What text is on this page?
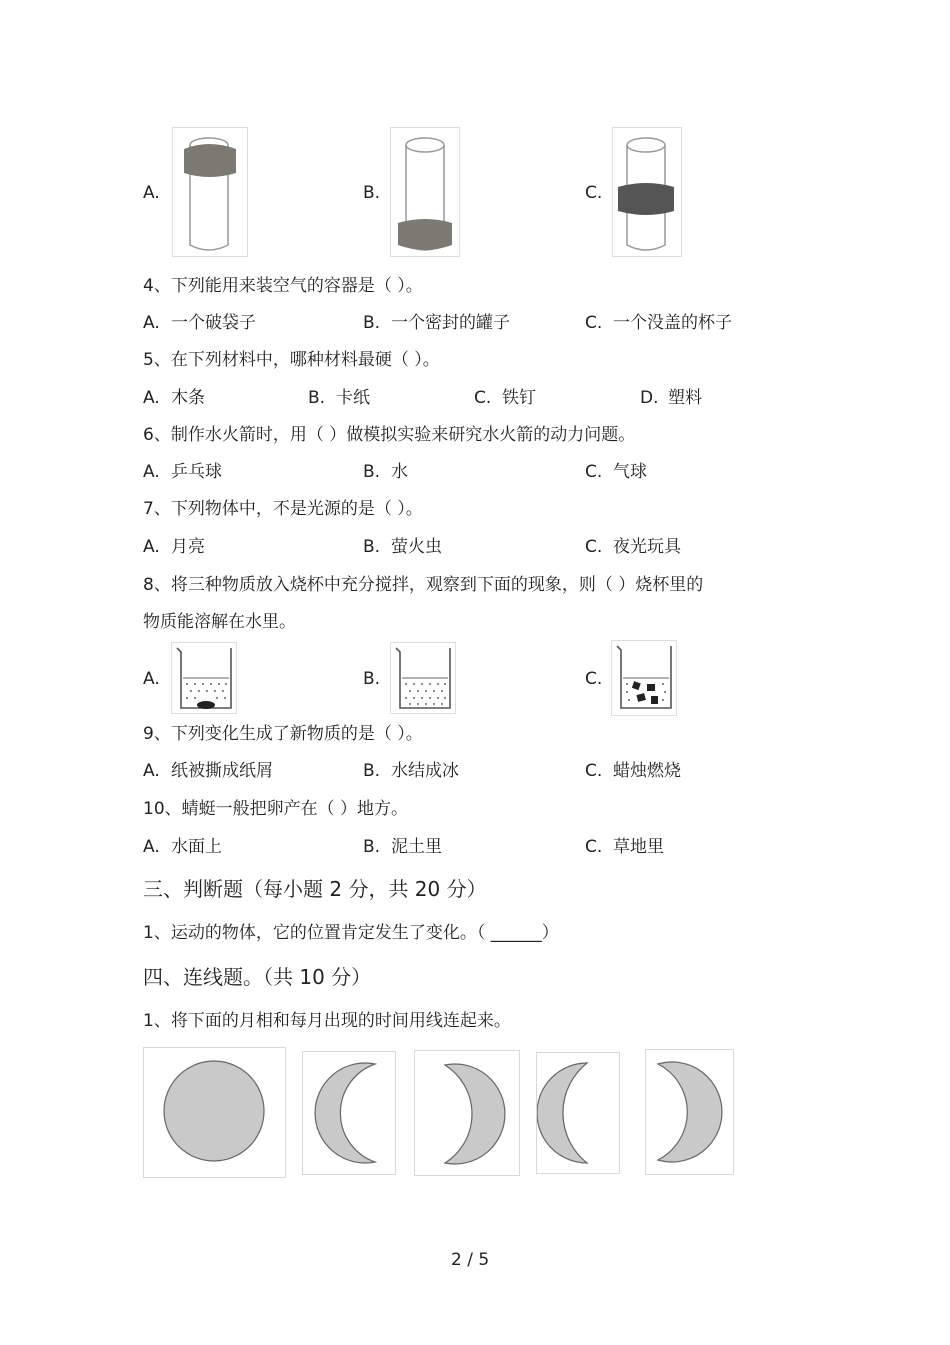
A.	B.	C.
4、下列能用来装空气的容器是（ ）。
A. 一个破袋子	B. 一个密封的罐子	C. 一个没盖的杯子
5、在下列材料中，哪种材料最硬（ ）。
A. 木条	B. 卡纸	C. 铁钉	D. 塑料
6、制作水火箭时，用（ ）做模拟实验来研究水火箭的动力问题。
A. 乒乓球	B. 水	C. 气球
7、下列物体中，不是光源的是（ ）。
A. 月亮	B. 萤火虫	C. 夜光玩具
8、将三种物质放入烧杯中充分搅拌，观察到下面的现象，则（ ）烧杯里的
物质能溶解在水里。
A.	B.	C.
9、下列变化生成了新物质的是（ ）。
A. 纸被撕成纸屑	B. 水结成冰	C. 蜡烛燃烧
10、蜻蜓一般把卵产在（ ）地方。
A. 水面上	B. 泥土里	C. 草地里
三、判断题（每小题 2 分，共 20 分）
1、运动的物体，它的位置肯定发生了变化。（ ______）
四、连线题。（共 10 分）
1、将下面的月相和每月出现的时间用线连起来。
2 / 5
